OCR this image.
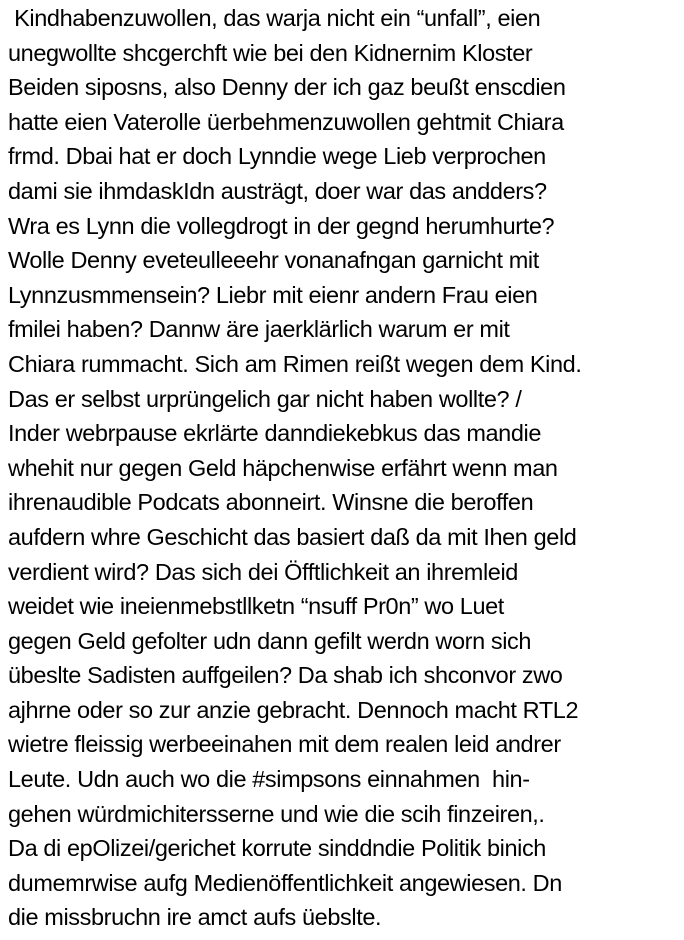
Kindhabenzuwollen, das warja nicht ein “unfall”, eien
unegwollte shcgerchft wie bei den Kidnernim Kloster
Beiden siposns, also Denny der ich gaz beußt enscdien
hatte eien Vaterolle üerbehmenzuwollen gehtmit Chiara
frmd. Dbai hat er doch Lynndie wege Lieb verprochen
dami sie ihmdaskIdn austrägt, doer war das andders?
Wra es Lynn die vollegdrogt in der gegnd herumhurte?
Wolle Denny eveteulleeehr vonanafngan garnicht mit
Lynnzusmmensein? Liebr mit eienr andern Frau eien
fmilei haben? Dannw äre jaerklärlich warum er mit
Chiara rummacht. Sich am Rimen reißt wegen dem Kind.
Das er selbst urprüngelich gar nicht haben wollte? /
Inder webrpause ekrlärte danndiekebkus das mandie
whehit nur gegen Geld häpchenwise erfährt wenn man
ihrenaudible Podcats abonneirt. Winsne die beroffen
aufdern whre Geschicht das basiert daß da mit Ihen geld
verdient wird? Das sich dei Öfftlichkeit an ihremleid
weidet wie ineienmebstllketn “nsuff Pr0n” wo Luet
gegen Geld gefolter udn dann gefilt werdn worn sich
übeslte Sadisten auffgeilen? Da shab ich shconvor zwo
ajhrne oder so zur anzie gebracht. Dennoch macht RTL2
wietre fleissig werbeeinahen mit dem realen leid andrer
Leute. Udn auch wo die #simpsons einnahmen  hin-
gehen würdmichitersserne und wie die scih finzeiren,.
Da di epOlizei/gerichet korrute sinddndie Politik binich
dumemrwise aufg Medienöffentlichkeit angewiesen. Dn
die missbruchn ire amct aufs üebslte.
